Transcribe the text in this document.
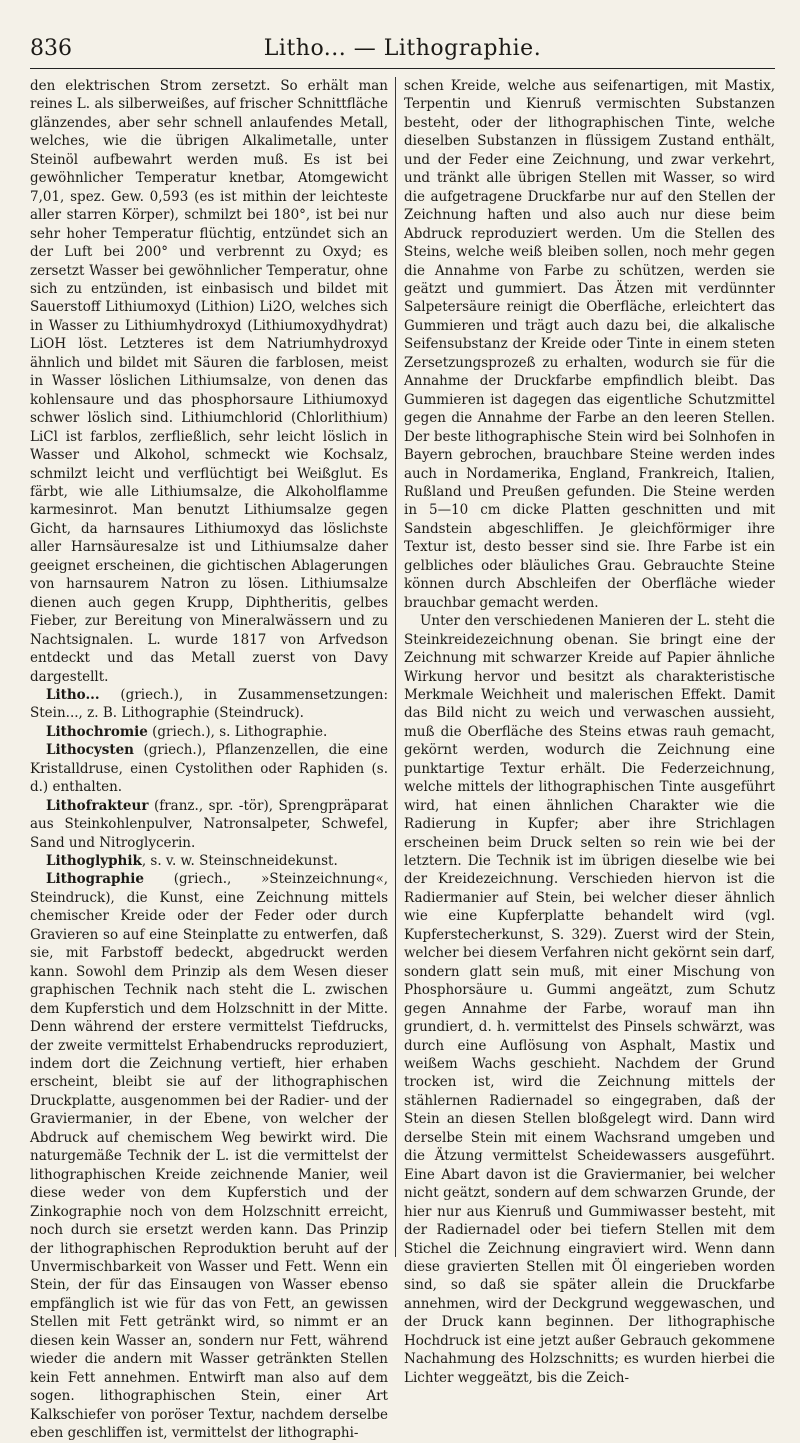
836	Litho... — Lithographie.

den elektrischen Strom zersetzt. So erhält man reines L. als silberweißes, auf frischer Schnittfläche glänzendes, aber sehr schnell anlaufendes Metall, welches, wie die übrigen Alkalimetalle, unter Steinöl aufbewahrt werden muß. Es ist bei gewöhnlicher Temperatur knetbar, Atomgewicht 7,01, spez. Gew. 0,593 (es ist mithin der leichteste aller starren Körper), schmilzt bei 180°, ist bei nur sehr hoher Temperatur flüchtig, entzündet sich an der Luft bei 200° und verbrennt zu Oxyd; es zersetzt Wasser bei gewöhnlicher Temperatur, ohne sich zu entzünden, ist einbasisch und bildet mit Sauerstoff Lithiumoxyd (Lithion) Li2O, welches sich in Wasser zu Lithiumhydroxyd (Lithiumoxydhydrat) LiOH löst. Letzteres ist dem Natriumhydroxyd ähnlich und bildet mit Säuren die farblosen, meist in Wasser löslichen Lithiumsalze, von denen das kohlensaure und das phosphorsaure Lithiumoxyd schwer löslich sind. Lithiumchlorid (Chlorlithium) LiCl ist farblos, zerfließlich, sehr leicht löslich in Wasser und Alkohol, schmeckt wie Kochsalz, schmilzt leicht und verflüchtigt bei Weißglut. Es färbt, wie alle Lithiumsalze, die Alkoholflamme karmesinrot. Man benutzt Lithiumsalze gegen Gicht, da harnsaures Lithiumoxyd das löslichste aller Harnsäuresalze ist und Lithiumsalze daher geeignet erscheinen, die gichtischen Ablagerungen von harnsaurem Natron zu lösen. Lithiumsalze dienen auch gegen Krupp, Diphtheritis, gelbes Fieber, zur Bereitung von Mineralwässern und zu Nachtsignalen. L. wurde 1817 von Arfvedson entdeckt und das Metall zuerst von Davy dargestellt.

Litho... (griech.), in Zusammensetzungen: Stein..., z. B. Lithographie (Steindruck).

Lithochromie (griech.), s. Lithographie.

Lithocysten (griech.), Pflanzenzellen, die eine Kristalldruse, einen Cystolithen oder Raphiden (s. d.) enthalten.

Lithofrakteur (franz., spr. -tör), Sprengpräparat aus Steinkohlenpulver, Natronsalpeter, Schwefel, Sand und Nitroglycerin.

Lithoglyphik, s. v. w. Steinschneidekunst.

Lithographie (griech., »Steinzeichnung«, Steindruck), die Kunst, eine Zeichnung mittels chemischer Kreide oder der Feder oder durch Gravieren so auf eine Steinplatte zu entwerfen, daß sie, mit Farbstoff bedeckt, abgedruckt werden kann. Sowohl dem Prinzip als dem Wesen dieser graphischen Technik nach steht die L. zwischen dem Kupferstich und dem Holzschnitt in der Mitte. Denn während der erstere vermittelst Tiefdrucks, der zweite vermittelst Erhabendrucks reproduziert, indem dort die Zeichnung vertieft, hier erhaben erscheint, bleibt sie auf der lithographischen Druckplatte, ausgenommen bei der Radier- und der Graviermanier, in der Ebene, von welcher der Abdruck auf chemischem Weg bewirkt wird. Die naturgemäße Technik der L. ist die vermittelst der lithographischen Kreide zeichnende Manier, weil diese weder von dem Kupferstich und der Zinkographie noch von dem Holzschnitt erreicht, noch durch sie ersetzt werden kann. Das Prinzip der lithographischen Reproduktion beruht auf der Unvermischbarkeit von Wasser und Fett. Wenn ein Stein, der für das Einsaugen von Wasser ebenso empfänglich ist wie für das von Fett, an gewissen Stellen mit Fett getränkt wird, so nimmt er an diesen kein Wasser an, sondern nur Fett, während wieder die andern mit Wasser getränkten Stellen kein Fett annehmen. Entwirft man also auf dem sogen. lithographischen Stein, einer Art Kalkschiefer von poröser Textur, nachdem derselbe eben geschliffen ist, vermittelst der lithographi-

schen Kreide, welche aus seifenartigen, mit Mastix, Terpentin und Kienruß vermischten Substanzen besteht, oder der lithographischen Tinte, welche dieselben Substanzen in flüssigem Zustand enthält, und der Feder eine Zeichnung, und zwar verkehrt, und tränkt alle übrigen Stellen mit Wasser, so wird die aufgetragene Druckfarbe nur auf den Stellen der Zeichnung haften und also auch nur diese beim Abdruck reproduziert werden. Um die Stellen des Steins, welche weiß bleiben sollen, noch mehr gegen die Annahme von Farbe zu schützen, werden sie geätzt und gummiert. Das Ätzen mit verdünnter Salpetersäure reinigt die Oberfläche, erleichtert das Gummieren und trägt auch dazu bei, die alkalische Seifensubstanz der Kreide oder Tinte in einem steten Zersetzungsprozeß zu erhalten, wodurch sie für die Annahme der Druckfarbe empfindlich bleibt. Das Gummieren ist dagegen das eigentliche Schutzmittel gegen die Annahme der Farbe an den leeren Stellen. Der beste lithographische Stein wird bei Solnhofen in Bayern gebrochen, brauchbare Steine werden indes auch in Nordamerika, England, Frankreich, Italien, Rußland und Preußen gefunden. Die Steine werden in 5—10 cm dicke Platten geschnitten und mit Sandstein abgeschliffen. Je gleichförmiger ihre Textur ist, desto besser sind sie. Ihre Farbe ist ein gelbliches oder bläuliches Grau. Gebrauchte Steine können durch Abschleifen der Oberfläche wieder brauchbar gemacht werden.

Unter den verschiedenen Manieren der L. steht die Steinkreidezeichnung obenan. Sie bringt eine der Zeichnung mit schwarzer Kreide auf Papier ähnliche Wirkung hervor und besitzt als charakteristische Merkmale Weichheit und malerischen Effekt. Damit das Bild nicht zu weich und verwaschen aussieht, muß die Oberfläche des Steins etwas rauh gemacht, gekörnt werden, wodurch die Zeichnung eine punktartige Textur erhält. Die Federzeichnung, welche mittels der lithographischen Tinte ausgeführt wird, hat einen ähnlichen Charakter wie die Radierung in Kupfer; aber ihre Strichlagen erscheinen beim Druck selten so rein wie bei der letztern. Die Technik ist im übrigen dieselbe wie bei der Kreidezeichnung. Verschieden hiervon ist die Radiermanier auf Stein, bei welcher dieser ähnlich wie eine Kupferplatte behandelt wird (vgl. Kupferstecherkunst, S. 329). Zuerst wird der Stein, welcher bei diesem Verfahren nicht gekörnt sein darf, sondern glatt sein muß, mit einer Mischung von Phosphorsäure u. Gummi angeätzt, zum Schutz gegen Annahme der Farbe, worauf man ihn grundiert, d. h. vermittelst des Pinsels schwärzt, was durch eine Auflösung von Asphalt, Mastix und weißem Wachs geschieht. Nachdem der Grund trocken ist, wird die Zeichnung mittels der stählernen Radiernadel so eingegraben, daß der Stein an diesen Stellen bloßgelegt wird. Dann wird derselbe Stein mit einem Wachsrand umgeben und die Ätzung vermittelst Scheidewassers ausgeführt. Eine Abart davon ist die Graviermanier, bei welcher nicht geätzt, sondern auf dem schwarzen Grunde, der hier nur aus Kienruß und Gummiwasser besteht, mit der Radiernadel oder bei tiefern Stellen mit dem Stichel die Zeichnung eingraviert wird. Wenn dann diese gravierten Stellen mit Öl eingerieben worden sind, so daß sie später allein die Druckfarbe annehmen, wird der Deckgrund weggewaschen, und der Druck kann beginnen. Der lithographische Hochdruck ist eine jetzt außer Gebrauch gekommene Nachahmung des Holzschnitts; es wurden hierbei die Lichter weggeätzt, bis die Zeich-
